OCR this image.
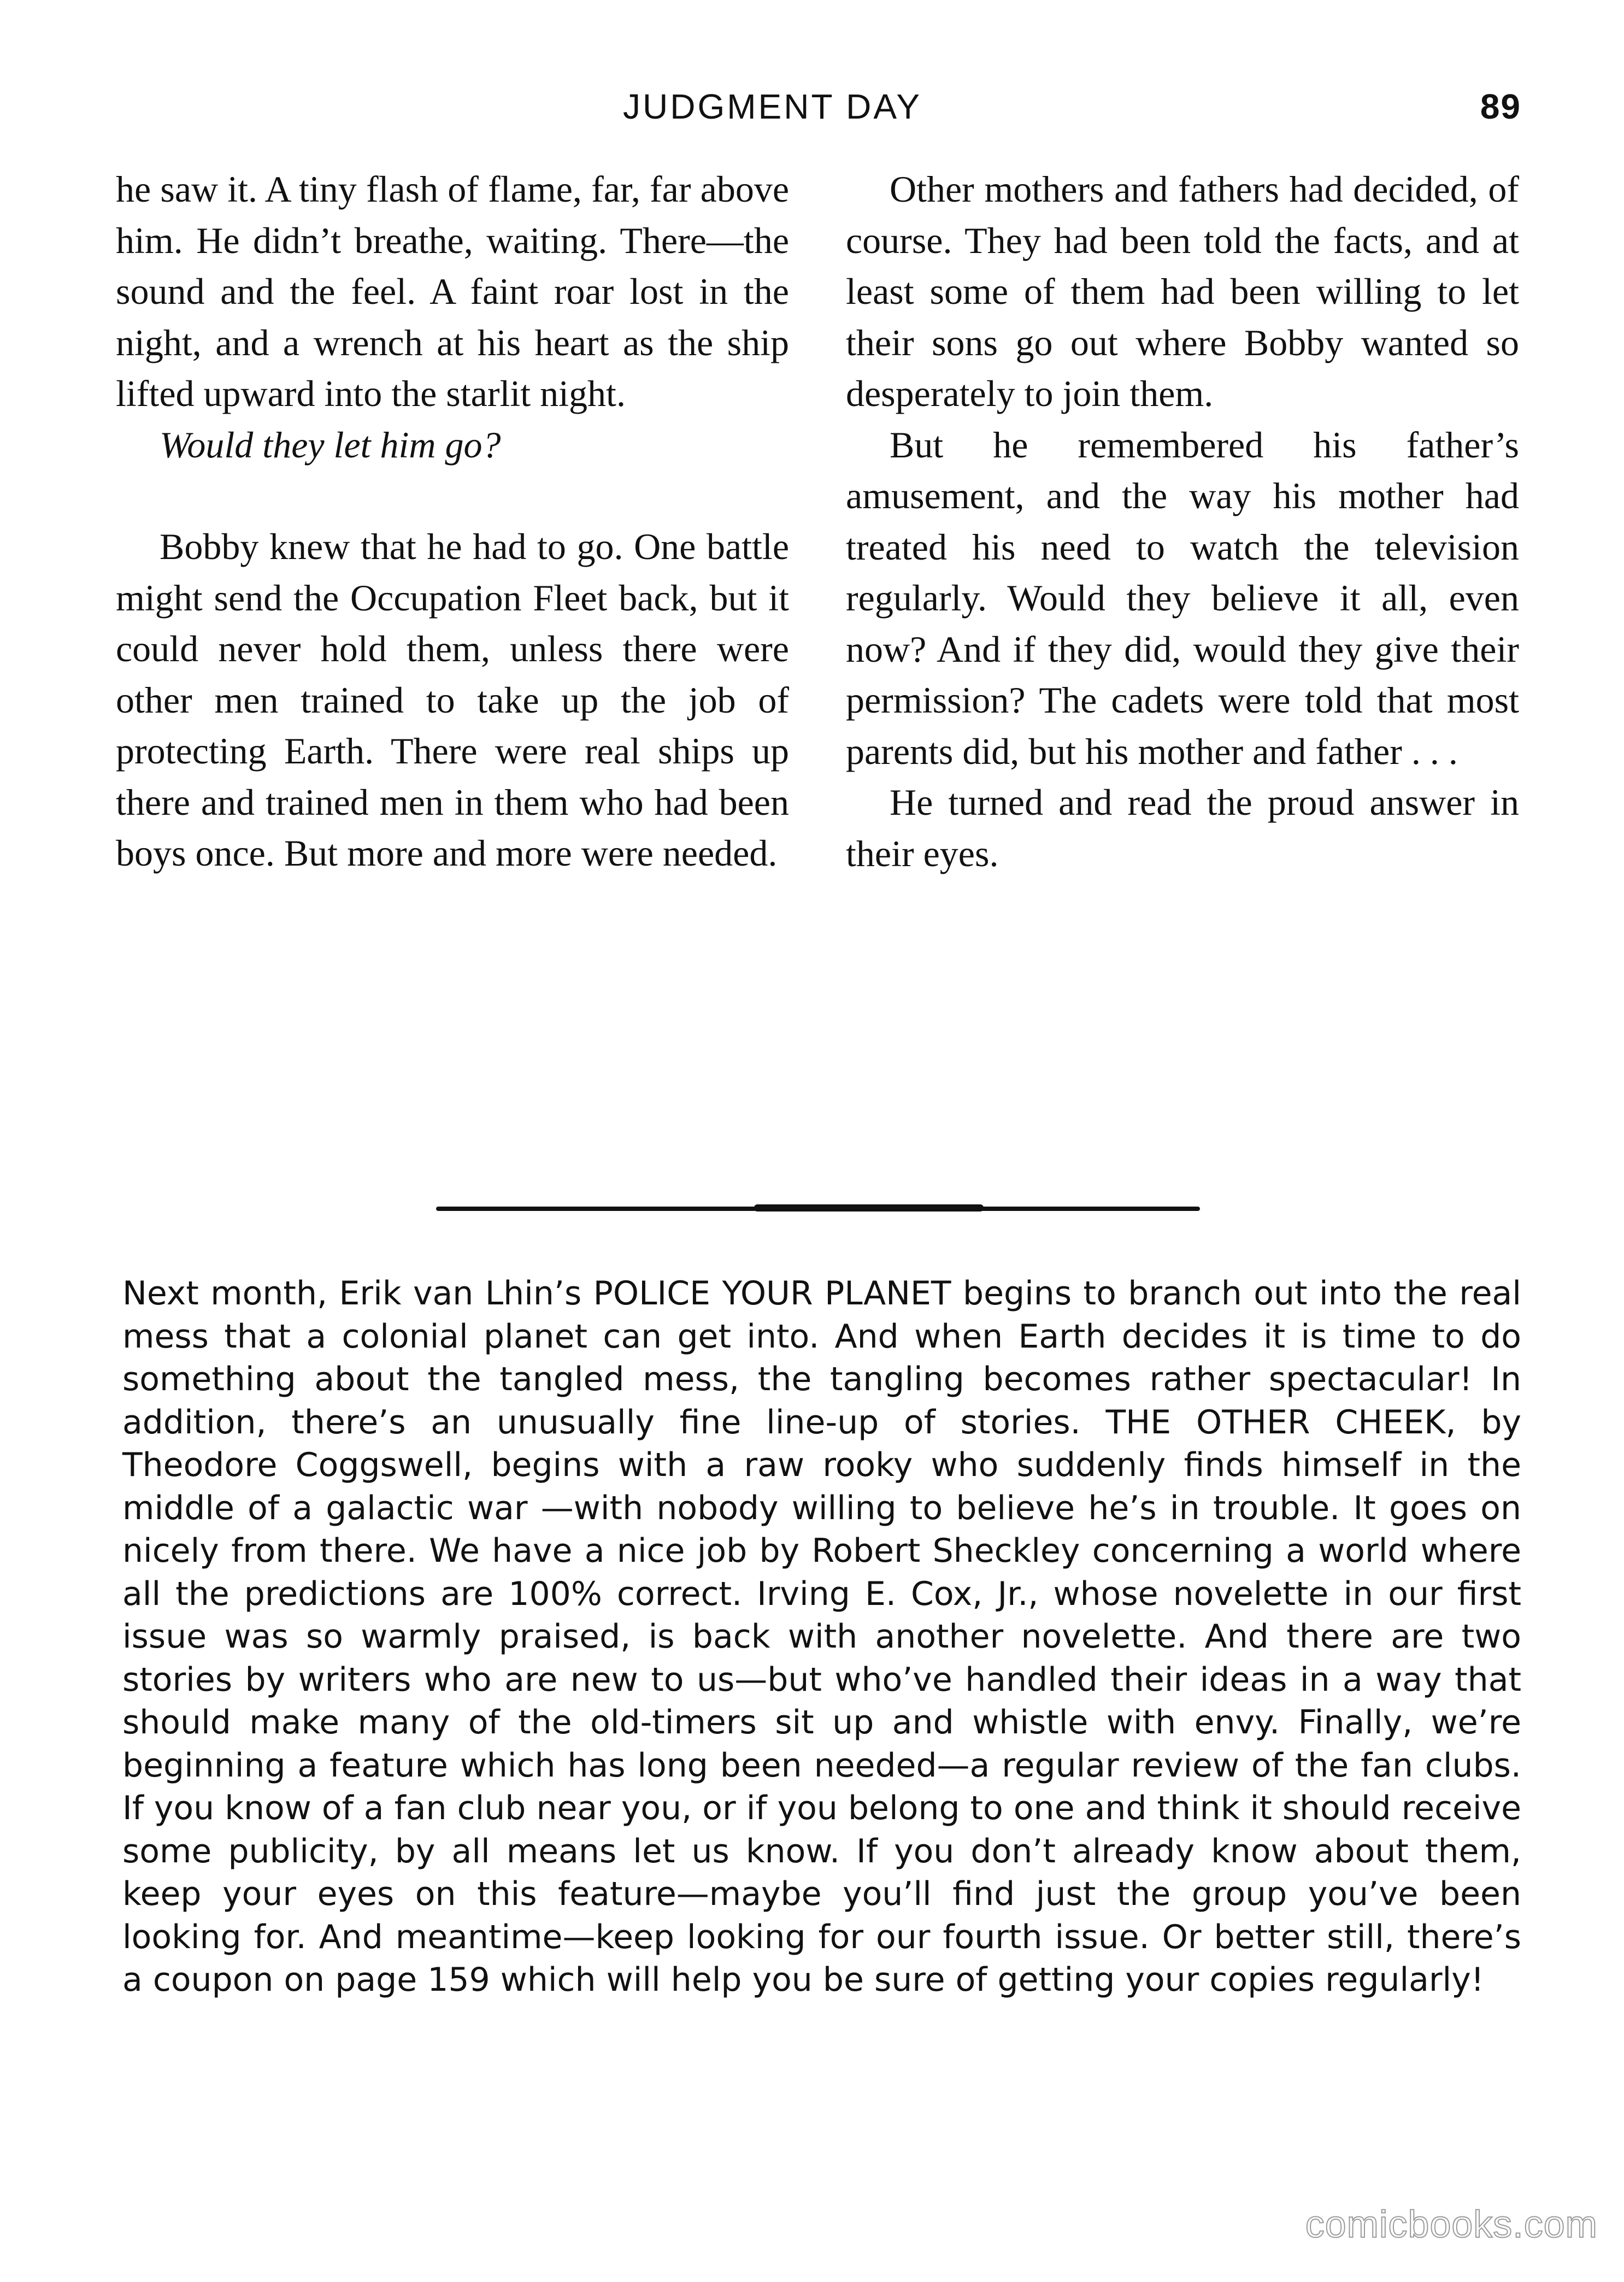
JUDGMENT DAY	89

he saw it. A tiny flash of flame, far, far above him. He didn’t breathe, waiting. There—the sound and the feel. A faint roar lost in the night, and a wrench at his heart as the ship lifted upward into the starlit night.

Would they let him go?

Bobby knew that he had to go. One battle might send the Occupation Fleet back, but it could never hold them, unless there were other men trained to take up the job of protecting Earth. There were real ships up there and trained men in them who had been boys once. But more and more were needed.

Other mothers and fathers had decided, of course. They had been told the facts, and at least some of them had been willing to let their sons go out where Bobby wanted so desperately to join them.

But he remembered his father’s amusement, and the way his mother had treated his need to watch the television regularly. Would they believe it all, even now? And if they did, would they give their permission? The cadets were told that most parents did, but his mother and father . . .

He turned and read the proud answer in their eyes.

Next month, Erik van Lhin’s POLICE YOUR PLANET begins to branch out into the real mess that a colonial planet can get into. And when Earth decides it is time to do something about the tangled mess, the tangling becomes rather spectacular! In addition, there’s an unusually fine line-up of stories. THE OTHER CHEEK, by Theodore Coggswell, begins with a raw rooky who suddenly finds himself in the middle of a galactic war —with nobody willing to believe he’s in trouble. It goes on nicely from there. We have a nice job by Robert Sheckley concerning a world where all the predictions are 100% correct. Irving E. Cox, Jr., whose novelette in our first issue was so warmly praised, is back with another novelette. And there are two stories by writers who are new to us—but who’ve handled their ideas in a way that should make many of the old-timers sit up and whistle with envy. Finally, we’re beginning a feature which has long been needed—a regular review of the fan clubs. If you know of a fan club near you, or if you belong to one and think it should receive some publicity, by all means let us know. If you don’t already know about them, keep your eyes on this feature—maybe you’ll find just the group you’ve been looking for. And meantime—keep looking for our fourth issue. Or better still, there’s a coupon on page 159 which will help you be sure of getting your copies regularly!

comicbooks.com
